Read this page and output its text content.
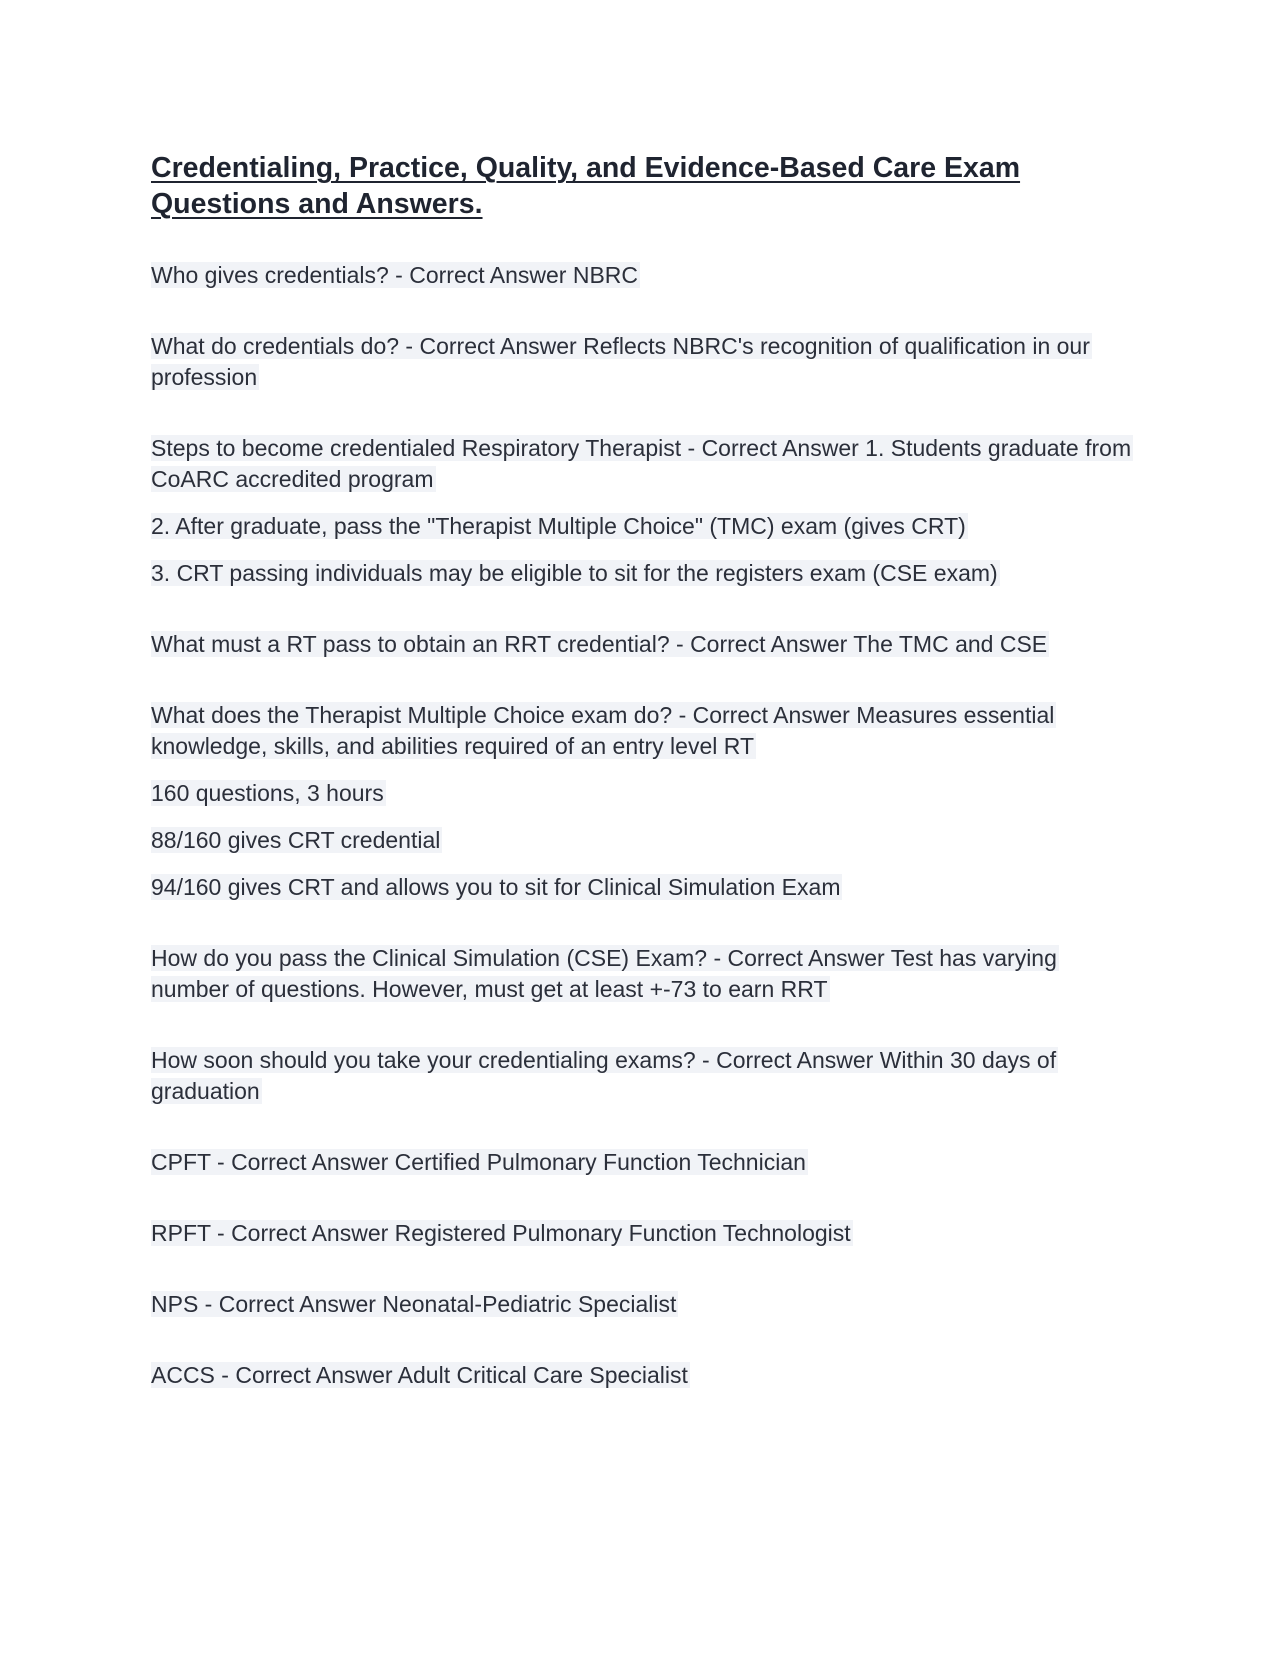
Credentialing, Practice, Quality, and Evidence-Based Care Exam Questions and Answers.

Who gives credentials? - Correct Answer NBRC

What do credentials do? - Correct Answer Reflects NBRC's recognition of qualification in our profession

Steps to become credentialed Respiratory Therapist - Correct Answer 1. Students graduate from CoARC accredited program

2. After graduate, pass the "Therapist Multiple Choice" (TMC) exam (gives CRT)

3. CRT passing individuals may be eligible to sit for the registers exam (CSE exam)

What must a RT pass to obtain an RRT credential? - Correct Answer The TMC and CSE

What does the Therapist Multiple Choice exam do? - Correct Answer Measures essential knowledge, skills, and abilities required of an entry level RT

160 questions, 3 hours

88/160 gives CRT credential

94/160 gives CRT and allows you to sit for Clinical Simulation Exam

How do you pass the Clinical Simulation (CSE) Exam? - Correct Answer Test has varying number of questions. However, must get at least +-73 to earn RRT

How soon should you take your credentialing exams? - Correct Answer Within 30 days of graduation

CPFT - Correct Answer Certified Pulmonary Function Technician

RPFT - Correct Answer Registered Pulmonary Function Technologist

NPS - Correct Answer Neonatal-Pediatric Specialist

ACCS - Correct Answer Adult Critical Care Specialist
